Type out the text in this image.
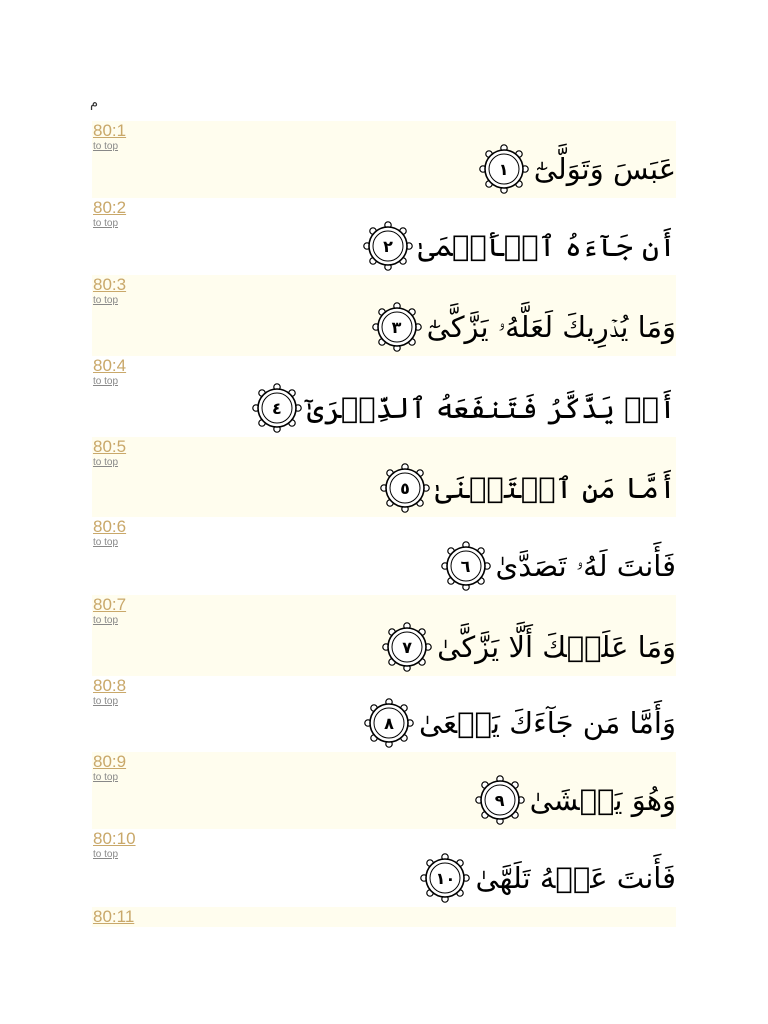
م
80:1
to top
عَبَسَ وَتَوَلَّىٰٓ
١
80:2
to top
أَن جَآءَهُ ٱلۡأَعۡمَىٰ
٢
80:3
to top
وَمَا يُدۡرِيكَ لَعَلَّهُۥ يَزَّكَّىٰٓ
٣
80:4
to top
أَوۡ يَذَّكَّرُ فَتَنفَعَهُ ٱلذِّكۡرَىٰٓ
٤
80:5
to top
أَمَّا مَنِ ٱسۡتَغۡنَىٰ
٥
80:6
to top
فَأَنتَ لَهُۥ تَصَدَّىٰ
٦
80:7
to top
وَمَا عَلَيۡكَ أَلَّا يَزَّكَّىٰ
٧
80:8
to top
وَأَمَّا مَن جَآءَكَ يَسۡعَىٰ
٨
80:9
to top
وَهُوَ يَخۡشَىٰ
٩
80:10
to top
فَأَنتَ عَنۡهُ تَلَهَّىٰ
١٠
80:11
